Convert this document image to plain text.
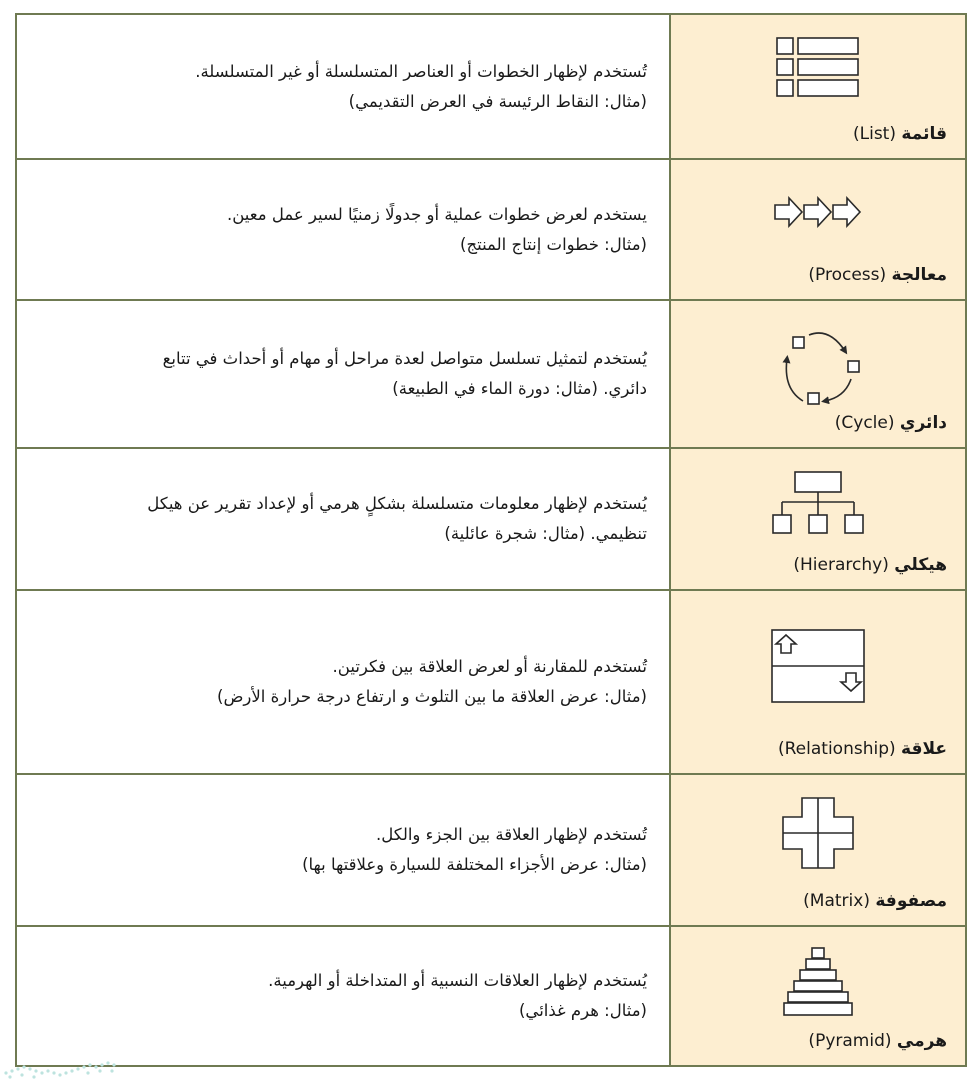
قائمة (List)
تُستخدم لإظهار الخطوات أو العناصر المتسلسلة أو غير المتسلسلة.
(مثال: النقاط الرئيسة في العرض التقديمي)
معالجة (Process)
يستخدم لعرض خطوات عملية أو جدولًا زمنيًا لسير عمل معين.
(مثال: خطوات إنتاج المنتج)
دائري (Cycle)
يُستخدم لتمثيل تسلسل متواصل لعدة مراحل أو مهام أو أحداث في تتابع
دائري. (مثال: دورة الماء في الطبيعة)
هيكلي (Hierarchy)
يُستخدم لإظهار معلومات متسلسلة بشكلٍ هرمي أو لإعداد تقرير عن هيكل
تنظيمي. (مثال: شجرة عائلية)
علاقة (Relationship)
تُستخدم للمقارنة أو لعرض العلاقة بين فكرتين.
(مثال: عرض العلاقة ما بين التلوث و ارتفاع درجة حرارة الأرض)
مصفوفة (Matrix)
تُستخدم لإظهار العلاقة بين الجزء والكل.
(مثال: عرض الأجزاء المختلفة للسيارة وعلاقتها بها)
هرمي (Pyramid)
يُستخدم لإظهار العلاقات النسبية أو المتداخلة أو الهرمية.
(مثال: هرم غذائي)
